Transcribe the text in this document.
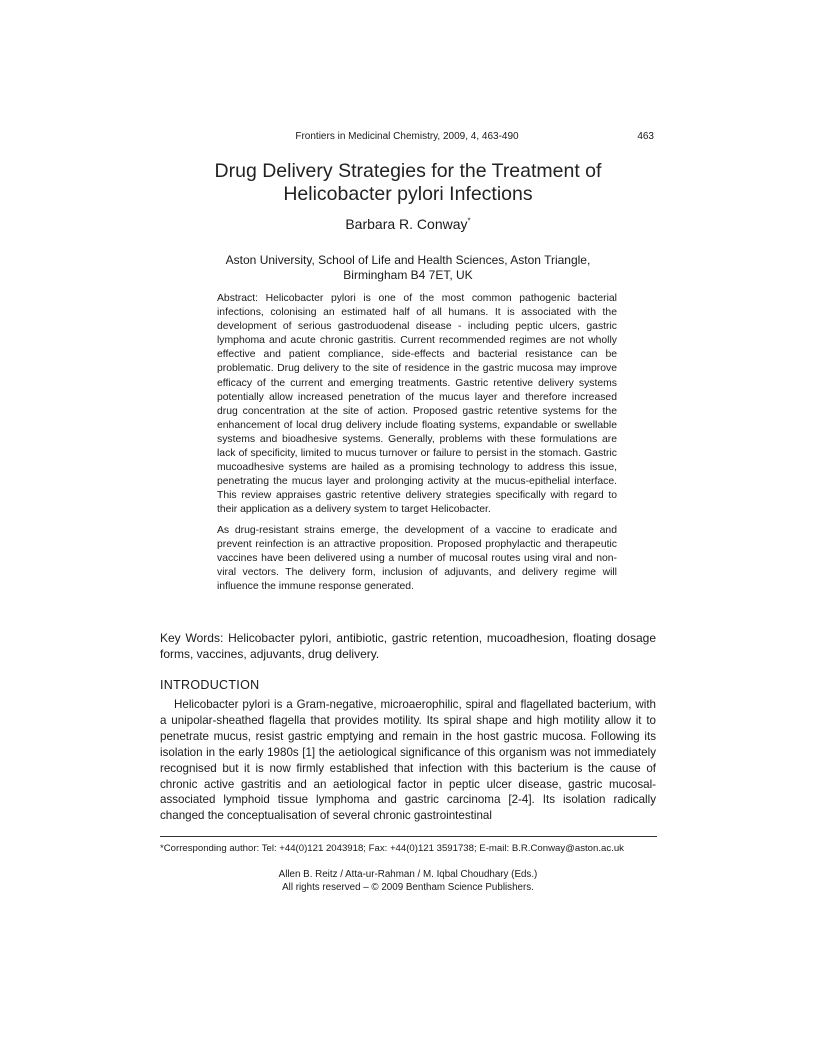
Frontiers in Medicinal Chemistry, 2009, 4, 463-490	463
Drug Delivery Strategies for the Treatment of
Helicobacter pylori Infections
Barbara R. Conway*
Aston University, School of Life and Health Sciences, Aston Triangle,
Birmingham B4 7ET, UK

Abstract: Helicobacter pylori is one of the most common pathogenic bacterial infections, colonising an estimated half of all humans. It is associated with the development of serious gastroduodenal disease - including peptic ulcers, gastric lymphoma and acute chronic gastritis. Current recommended regimes are not wholly effective and patient compliance, side-effects and bacterial resistance can be problematic. Drug delivery to the site of residence in the gastric mucosa may improve efficacy of the current and emerging treatments. Gastric retentive delivery systems potentially allow increased penetration of the mucus layer and therefore increased drug concentration at the site of action. Proposed gastric retentive systems for the enhancement of local drug delivery include floating systems, expandable or swellable systems and bioadhesive systems. Generally, problems with these formulations are lack of specificity, limited to mucus turnover or failure to persist in the stomach. Gastric mucoadhesive systems are hailed as a promising technology to address this issue, penetrating the mucus layer and prolonging activity at the mucus-epithelial interface. This review appraises gastric retentive delivery strategies specifically with regard to their application as a delivery system to target Helicobacter.

As drug-resistant strains emerge, the development of a vaccine to eradicate and prevent reinfection is an attractive proposition. Proposed prophylactic and therapeutic vaccines have been delivered using a number of mucosal routes using viral and non-viral vectors. The delivery form, inclusion of adjuvants, and delivery regime will influence the immune response generated.

Key Words: Helicobacter pylori, antibiotic, gastric retention, mucoadhesion, floating dosage forms, vaccines, adjuvants, drug delivery.
INTRODUCTION

Helicobacter pylori is a Gram-negative, microaerophilic, spiral and flagellated bacterium, with a unipolar-sheathed flagella that provides motility. Its spiral shape and high motility allow it to penetrate mucus, resist gastric emptying and remain in the host gastric mucosa. Following its isolation in the early 1980s [1] the aetiological significance of this organism was not immediately recognised but it is now firmly established that infection with this bacterium is the cause of chronic active gastritis and an aetiological factor in peptic ulcer disease, gastric mucosal-associated lymphoid tissue lymphoma and gastric carcinoma [2-4]. Its isolation radically changed the conceptualisation of several chronic gastrointestinal

*Corresponding author: Tel: +44(0)121 2043918; Fax: +44(0)121 3591738; E-mail: B.R.Conway@aston.ac.uk
Allen B. Reitz / Atta-ur-Rahman / M. Iqbal Choudhary (Eds.)
All rights reserved – © 2009 Bentham Science Publishers.
